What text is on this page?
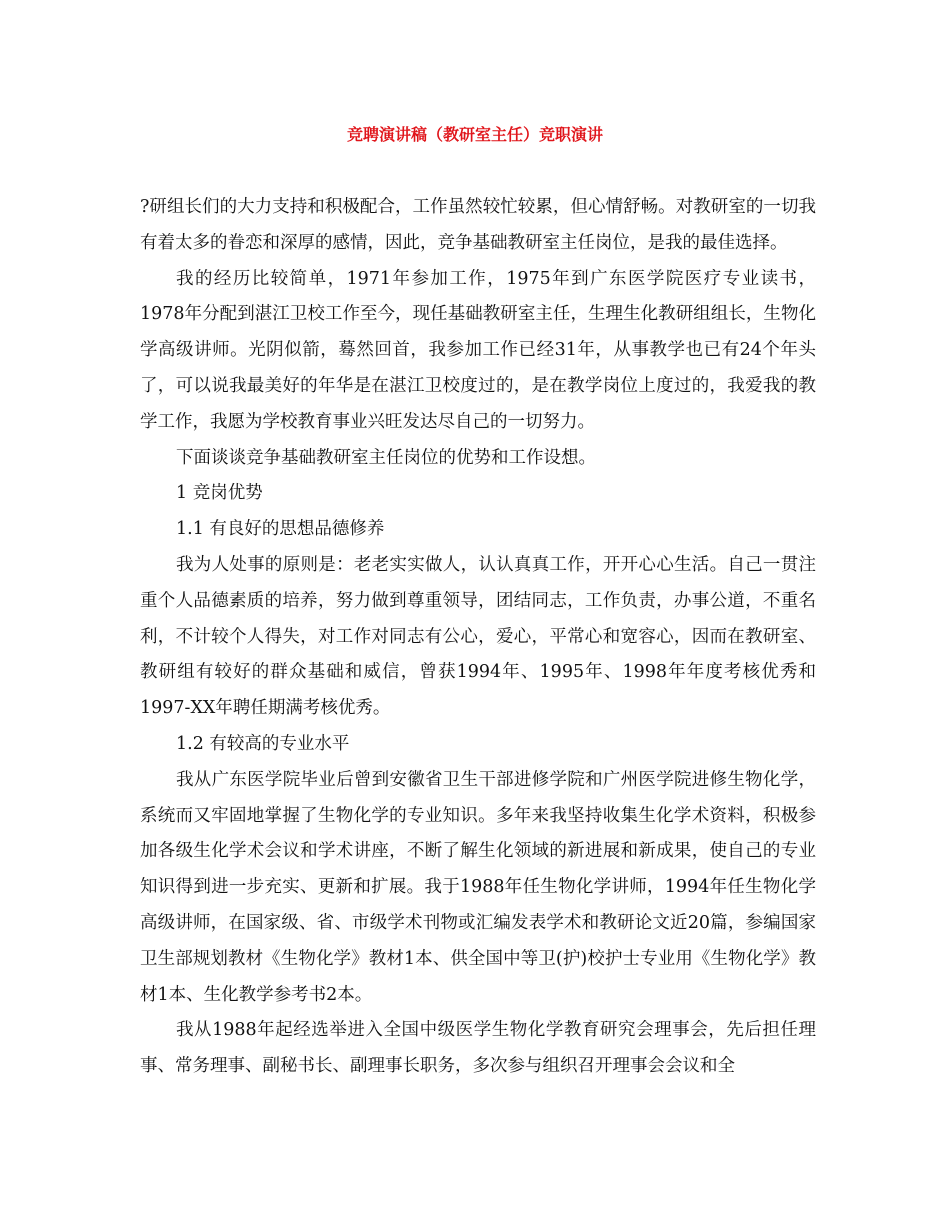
竞聘演讲稿（教研室主任）竞职演讲

?研组长们的大力支持和积极配合，工作虽然较忙较累，但心情舒畅。对教研室的一切我有着太多的眷恋和深厚的感情，因此，竞争基础教研室主任岗位，是我的最佳选择。

我的经历比较简单，1971年参加工作，1975年到广东医学院医疗专业读书，1978年分配到湛江卫校工作至今，现任基础教研室主任，生理生化教研组组长，生物化学高级讲师。光阴似箭，蓦然回首，我参加工作已经31年，从事教学也已有24个年头了，可以说我最美好的年华是在湛江卫校度过的，是在教学岗位上度过的，我爱我的教学工作，我愿为学校教育事业兴旺发达尽自己的一切努力。

下面谈谈竞争基础教研室主任岗位的优势和工作设想。

1 竞岗优势

1.1 有良好的思想品德修养

我为人处事的原则是：老老实实做人，认认真真工作，开开心心生活。自己一贯注重个人品德素质的培养，努力做到尊重领导，团结同志，工作负责，办事公道，不重名利，不计较个人得失，对工作对同志有公心，爱心，平常心和宽容心，因而在教研室、教研组有较好的群众基础和威信，曾获1994年、1995年、1998年年度考核优秀和1997-XX年聘任期满考核优秀。

1.2 有较高的专业水平

我从广东医学院毕业后曾到安徽省卫生干部进修学院和广州医学院进修生物化学，系统而又牢固地掌握了生物化学的专业知识。多年来我坚持收集生化学术资料，积极参加各级生化学术会议和学术讲座，不断了解生化领域的新进展和新成果，使自己的专业知识得到进一步充实、更新和扩展。我于1988年任生物化学讲师，1994年任生物化学高级讲师，在国家级、省、市级学术刊物或汇编发表学术和教研论文近20篇，参编国家卫生部规划教材《生物化学》教材1本、供全国中等卫(护)校护士专业用《生物化学》教材1本、生化教学参考书2本。

我从1988年起经选举进入全国中级医学生物化学教育研究会理事会，先后担任理事、常务理事、副秘书长、副理事长职务，多次参与组织召开理事会会议和全
